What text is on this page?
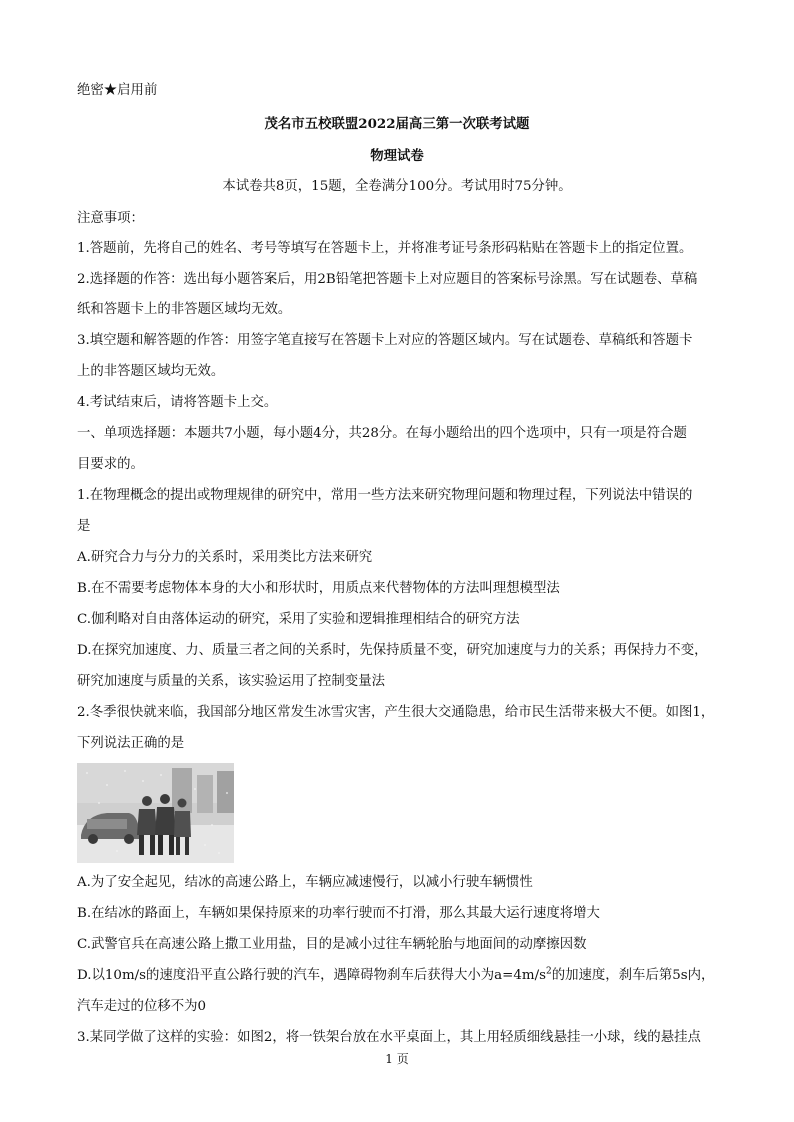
绝密★启用前
茂名市五校联盟2022届高三第一次联考试题
物理试卷
本试卷共8页，15题，全卷满分100分。考试用时75分钟。
注意事项：
1.答题前，先将自己的姓名、考号等填写在答题卡上，并将准考证号条形码粘贴在答题卡上的指定位置。
2.选择题的作答：选出每小题答案后，用2B铅笔把答题卡上对应题目的答案标号涂黑。写在试题卷、草稿
纸和答题卡上的非答题区域均无效。
3.填空题和解答题的作答：用签字笔直接写在答题卡上对应的答题区域内。写在试题卷、草稿纸和答题卡
上的非答题区域均无效。
4.考试结束后，请将答题卡上交。
一、单项选择题：本题共7小题，每小题4分，共28分。在每小题给出的四个选项中，只有一项是符合题
目要求的。
1.在物理概念的提出或物理规律的研究中，常用一些方法来研究物理问题和物理过程，下列说法中错误的
是
A.研究合力与分力的关系时，采用类比方法来研究
B.在不需要考虑物体本身的大小和形状时，用质点来代替物体的方法叫理想模型法
C.伽利略对自由落体运动的研究，采用了实验和逻辑推理相结合的研究方法
D.在探究加速度、力、质量三者之间的关系时，先保持质量不变，研究加速度与力的关系；再保持力不变，
研究加速度与质量的关系，该实验运用了控制变量法
2.冬季很快就来临，我国部分地区常发生冰雪灾害，产生很大交通隐患，给市民生活带来极大不便。如图1，
下列说法正确的是
A.为了安全起见，结冰的高速公路上，车辆应减速慢行，以减小行驶车辆惯性
B.在结冰的路面上，车辆如果保持原来的功率行驶而不打滑，那么其最大运行速度将增大
C.武警官兵在高速公路上撒工业用盐，目的是减小过往车辆轮胎与地面间的动摩擦因数
D.以10m/s的速度沿平直公路行驶的汽车，遇障碍物刹车后获得大小为$a=4m/s^2$的加速度，刹车后第5s内，
汽车走过的位移不为0
3.某同学做了这样的实验：如图2，将一铁架台放在水平桌面上，其上用轻质细线悬挂一小球，线的悬挂点
1 页
